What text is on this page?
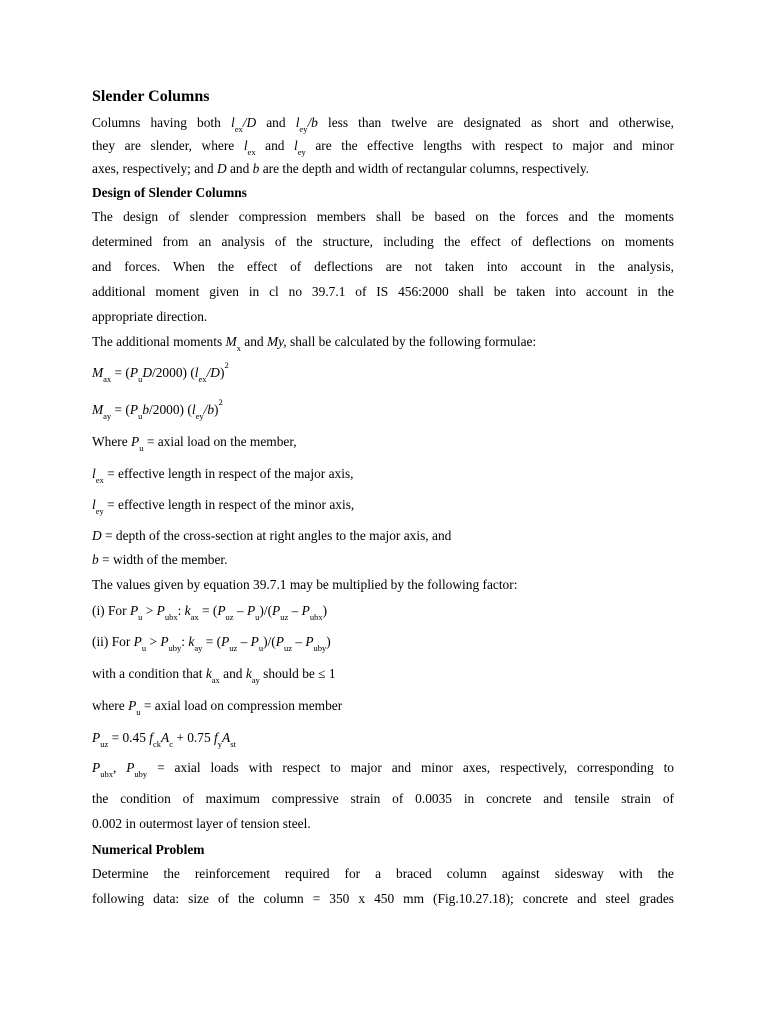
Slender Columns

Columns having both $l_{ex}/D$ and $l_{ey}/b$ less than twelve are designated as short and otherwise,

they are slender, where $l_{ex}$ and $l_{ey}$ are the effective lengths with respect to major and minor

axes, respectively; and D and b are the depth and width of rectangular columns, respectively.

Design of Slender Columns

The design of slender compression members shall be based on the forces and the moments

determined from an analysis of the structure, including the effect of deflections on moments

and forces. When the effect of deflections are not taken into account in the analysis,

additional moment given in cl no 39.7.1 of IS 456:2000 shall be taken into account in the

appropriate direction.

The additional moments $M_x$ and My, shall be calculated by the following formulae:

$M_{ax} = (P_uD/2000)$ $(l_{ex}/D)^2$

$M_{ay} = (P_ub/2000)$ $(l_{ey}/b)^2$

Where $P_u$ = axial load on the member,

$l_{ex}$ = effective length in respect of the major axis,

$l_{ey}$ = effective length in respect of the minor axis,

D = depth of the cross-section at right angles to the major axis, and

b = width of the member.

The values given by equation 39.7.1 may be multiplied by the following factor:

(i) For $P_u > P_{ubx}$: $k_{ax} = (P_{uz} - P_u)/(P_{uz} - P_{ubx})$

(ii) For $P_u > P_{uby}$: $k_{ay} = (P_{uz} - P_u)/(P_{uz} - P_{uby})$

with a condition that $k_{ax}$ and $k_{ay}$ should be ≤ 1

where $P_u$ = axial load on compression member

$P_{uz} = 0.45$ $f_{ck}A_c + 0.75$ $f_yA_{st}$

$P_{ubx}$, $P_{uby}$ = axial loads with respect to major and minor axes, respectively, corresponding to

the condition of maximum compressive strain of 0.0035 in concrete and tensile strain of

0.002 in outermost layer of tension steel.

Numerical Problem

Determine the reinforcement required for a braced column against sidesway with the

following data: size of the column = 350 x 450 mm (Fig.10.27.18); concrete and steel grades
